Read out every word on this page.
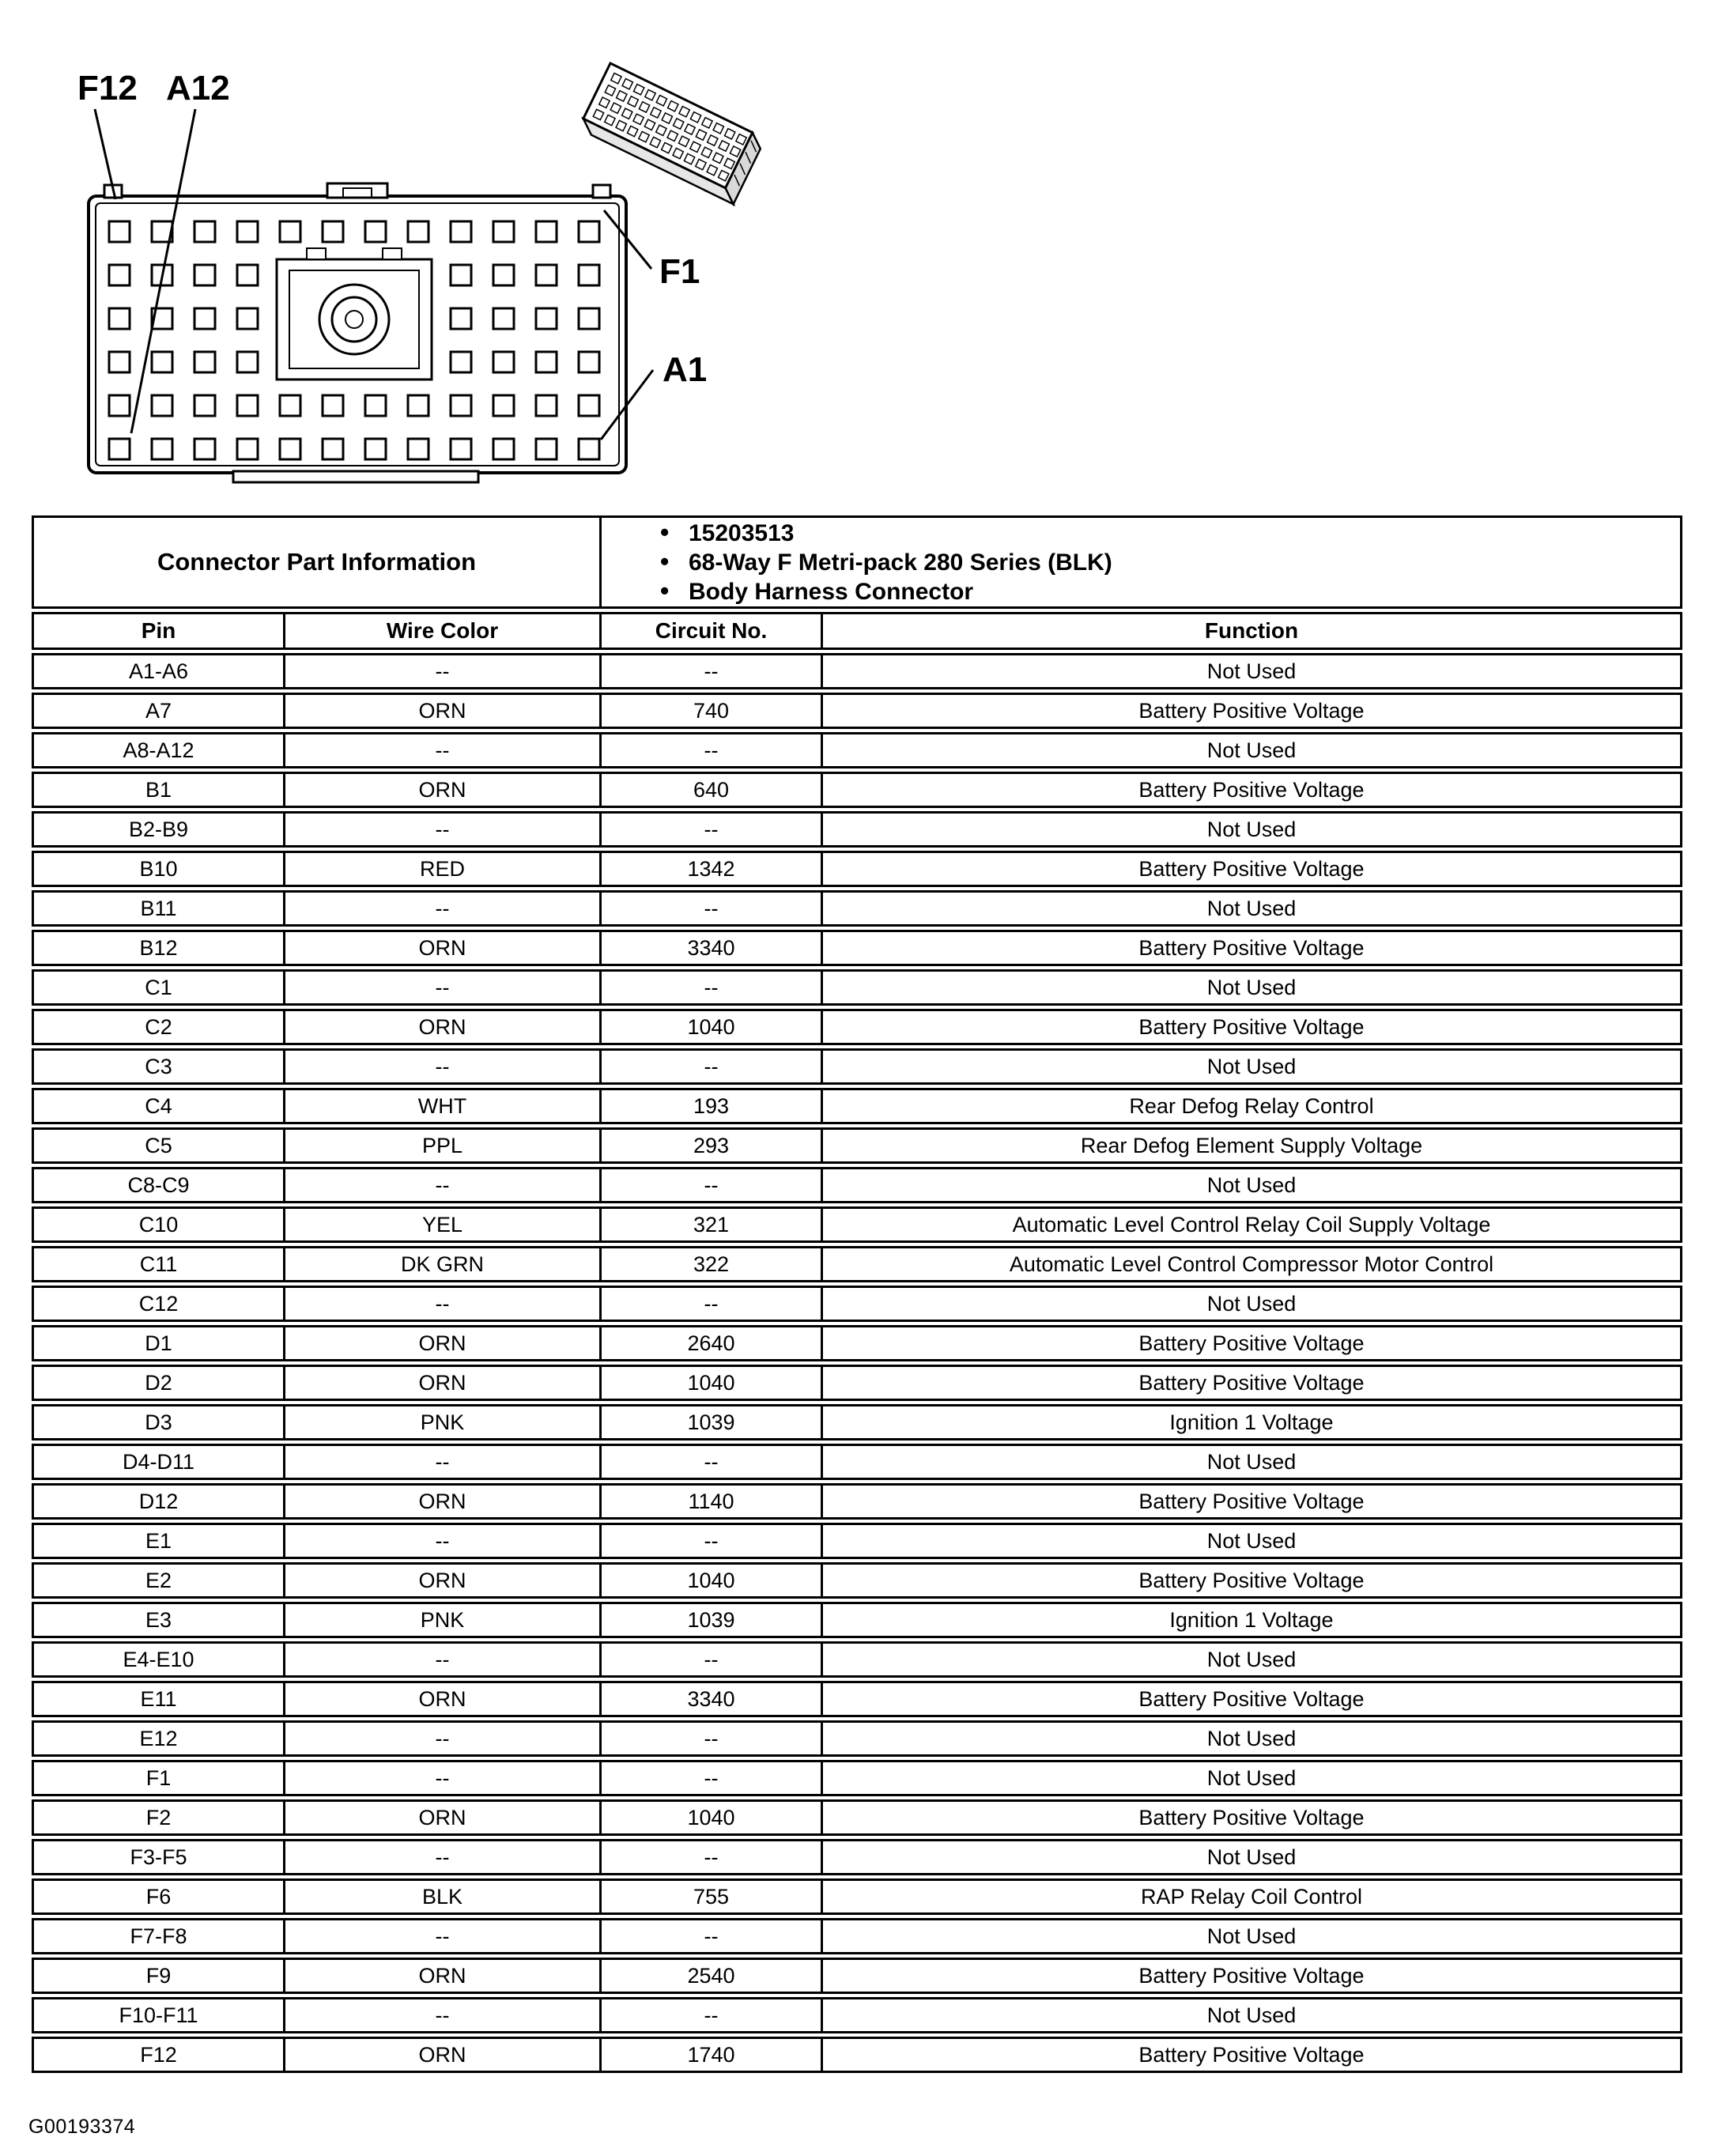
F12 A12
F1
A1
Connector Part Information
• 15203513
• 68-Way F Metri-pack 280 Series (BLK)
• Body Harness Connector
Pin	Wire Color	Circuit No.	Function
A1-A6	--	--	Not Used
A7	ORN	740	Battery Positive Voltage
A8-A12	--	--	Not Used
B1	ORN	640	Battery Positive Voltage
B2-B9	--	--	Not Used
B10	RED	1342	Battery Positive Voltage
B11	--	--	Not Used
B12	ORN	3340	Battery Positive Voltage
C1	--	--	Not Used
C2	ORN	1040	Battery Positive Voltage
C3	--	--	Not Used
C4	WHT	193	Rear Defog Relay Control
C5	PPL	293	Rear Defog Element Supply Voltage
C8-C9	--	--	Not Used
C10	YEL	321	Automatic Level Control Relay Coil Supply Voltage
C11	DK GRN	322	Automatic Level Control Compressor Motor Control
C12	--	--	Not Used
D1	ORN	2640	Battery Positive Voltage
D2	ORN	1040	Battery Positive Voltage
D3	PNK	1039	Ignition 1 Voltage
D4-D11	--	--	Not Used
D12	ORN	1140	Battery Positive Voltage
E1	--	--	Not Used
E2	ORN	1040	Battery Positive Voltage
E3	PNK	1039	Ignition 1 Voltage
E4-E10	--	--	Not Used
E11	ORN	3340	Battery Positive Voltage
E12	--	--	Not Used
F1	--	--	Not Used
F2	ORN	1040	Battery Positive Voltage
F3-F5	--	--	Not Used
F6	BLK	755	RAP Relay Coil Control
F7-F8	--	--	Not Used
F9	ORN	2540	Battery Positive Voltage
F10-F11	--	--	Not Used
F12	ORN	1740	Battery Positive Voltage
G00193374
